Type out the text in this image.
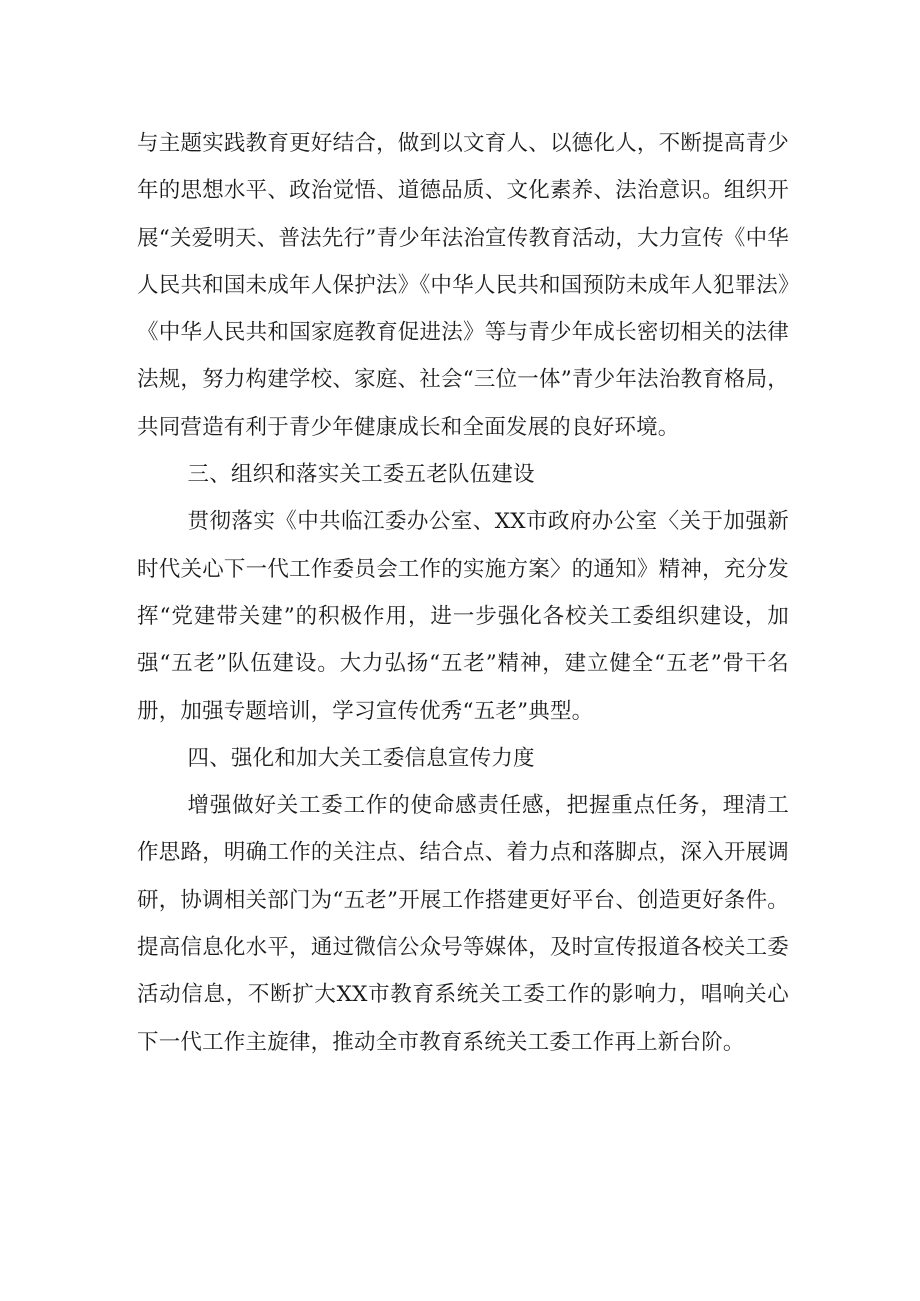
与主题实践教育更好结合，做到以文育人、以德化人，不断提高青少年的思想水平、政治觉悟、道德品质、文化素养、法治意识。组织开展“关爱明天、普法先行”青少年法治宣传教育活动，大力宣传《中华人民共和国未成年人保护法》《中华人民共和国预防未成年人犯罪法》《中华人民共和国家庭教育促进法》等与青少年成长密切相关的法律法规，努力构建学校、家庭、社会“三位一体”青少年法治教育格局，共同营造有利于青少年健康成长和全面发展的良好环境。

三、组织和落实关工委五老队伍建设

贯彻落实《中共临江委办公室、XX市政府办公室〈关于加强新时代关心下一代工作委员会工作的实施方案〉的通知》精神，充分发挥“党建带关建”的积极作用，进一步强化各校关工委组织建设，加强“五老”队伍建设。大力弘扬“五老”精神，建立健全“五老”骨干名册，加强专题培训，学习宣传优秀“五老”典型。

四、强化和加大关工委信息宣传力度

增强做好关工委工作的使命感责任感，把握重点任务，理清工作思路，明确工作的关注点、结合点、着力点和落脚点，深入开展调研，协调相关部门为“五老”开展工作搭建更好平台、创造更好条件。提高信息化水平，通过微信公众号等媒体，及时宣传报道各校关工委活动信息，不断扩大XX市教育系统关工委工作的影响力，唱响关心下一代工作主旋律，推动全市教育系统关工委工作再上新台阶。
